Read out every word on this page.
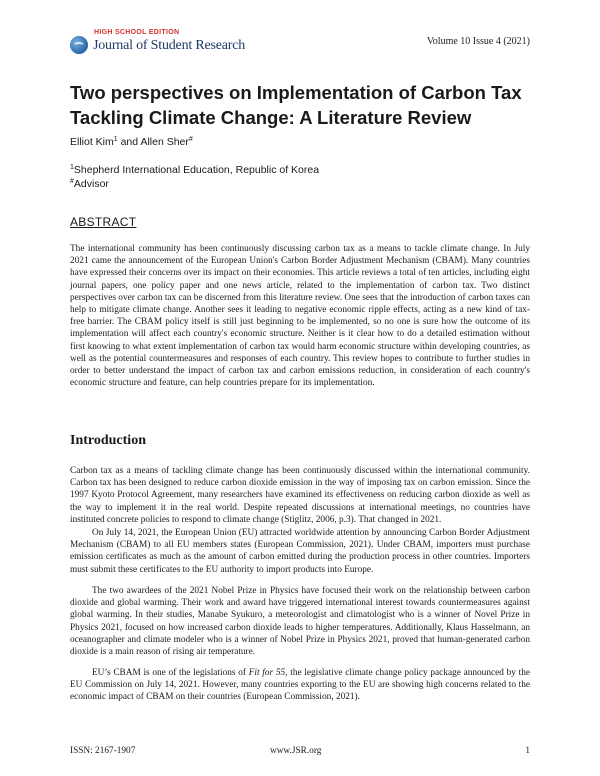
HIGH SCHOOL EDITION
Journal of Student Research	Volume 10 Issue 4 (2021)
Two perspectives on Implementation of Carbon Tax Tackling Climate Change: A Literature Review
Elliot Kim$^1$ and Allen Sher#
$^1$Shepherd International Education, Republic of Korea
#Advisor
ABSTRACT

The international community has been continuously discussing carbon tax as a means to tackle climate change. In July 2021 came the announcement of the European Union's Carbon Border Adjustment Mechanism (CBAM). Many countries have expressed their concerns over its impact on their economies. This article reviews a total of ten articles, including eight journal papers, one policy paper and one news article, related to the implementation of carbon tax. Two distinct perspectives over carbon tax can be discerned from this literature review. One sees that the introduction of carbon taxes can help to mitigate climate change. Another sees it leading to negative economic ripple effects, acting as a new kind of tax-free barrier. The CBAM policy itself is still just beginning to be implemented, so no one is sure how the outcome of its implementation will affect each country's economic structure. Neither is it clear how to do a detailed estimation without first knowing to what extent implementation of carbon tax would harm economic structure within developing countries, as well as the potential countermeasures and responses of each country. This review hopes to contribute to further studies in order to better understand the impact of carbon tax and carbon emissions reduction, in consideration of each country's economic structure and feature, can help countries prepare for its implementation.

Introduction

Carbon tax as a means of tackling climate change has been continuously discussed within the international community. Carbon tax has been designed to reduce carbon dioxide emission in the way of imposing tax on carbon emission. Since the 1997 Kyoto Protocol Agreement, many researchers have examined its effectiveness on reducing carbon dioxide as well as the way to implement it in the real world. Despite repeated discussions at international meetings, no countries have instituted concrete policies to respond to climate change (Stiglitz, 2006, p.3). That changed in 2021.

On July 14, 2021, the European Union (EU) attracted worldwide attention by announcing Carbon Border Adjustment Mechanism (CBAM) to all EU members states (European Commission, 2021). Under CBAM, importers must purchase emission certificates as much as the amount of carbon emitted during the production process in other countries. Importers must submit these certificates to the EU authority to import products into Europe.

The two awardees of the 2021 Nobel Prize in Physics have focused their work on the relationship between carbon dioxide and global warming. Their work and award have triggered international interest towards countermeasures against global warming. In their studies, Manabe Syukuro, a meteorologist and climatologist who is a winner of Novel Prize in Physics 2021, focused on how increased carbon dioxide leads to higher temperatures. Additionally, Klaus Hasselmann, an oceanographer and climate modeler who is a winner of Nobel Prize in Physics 2021, proved that human-generated carbon dioxide is a main reason of rising air temperature.

EU’s CBAM is one of the legislations of Fit for 55, the legislative climate change policy package announced by the EU Commission on July 14, 2021. However, many countries exporting to the EU are showing high concerns related to the economic impact of CBAM on their countries (European Commission, 2021).

ISSN: 2167-1907	www.JSR.org	1
